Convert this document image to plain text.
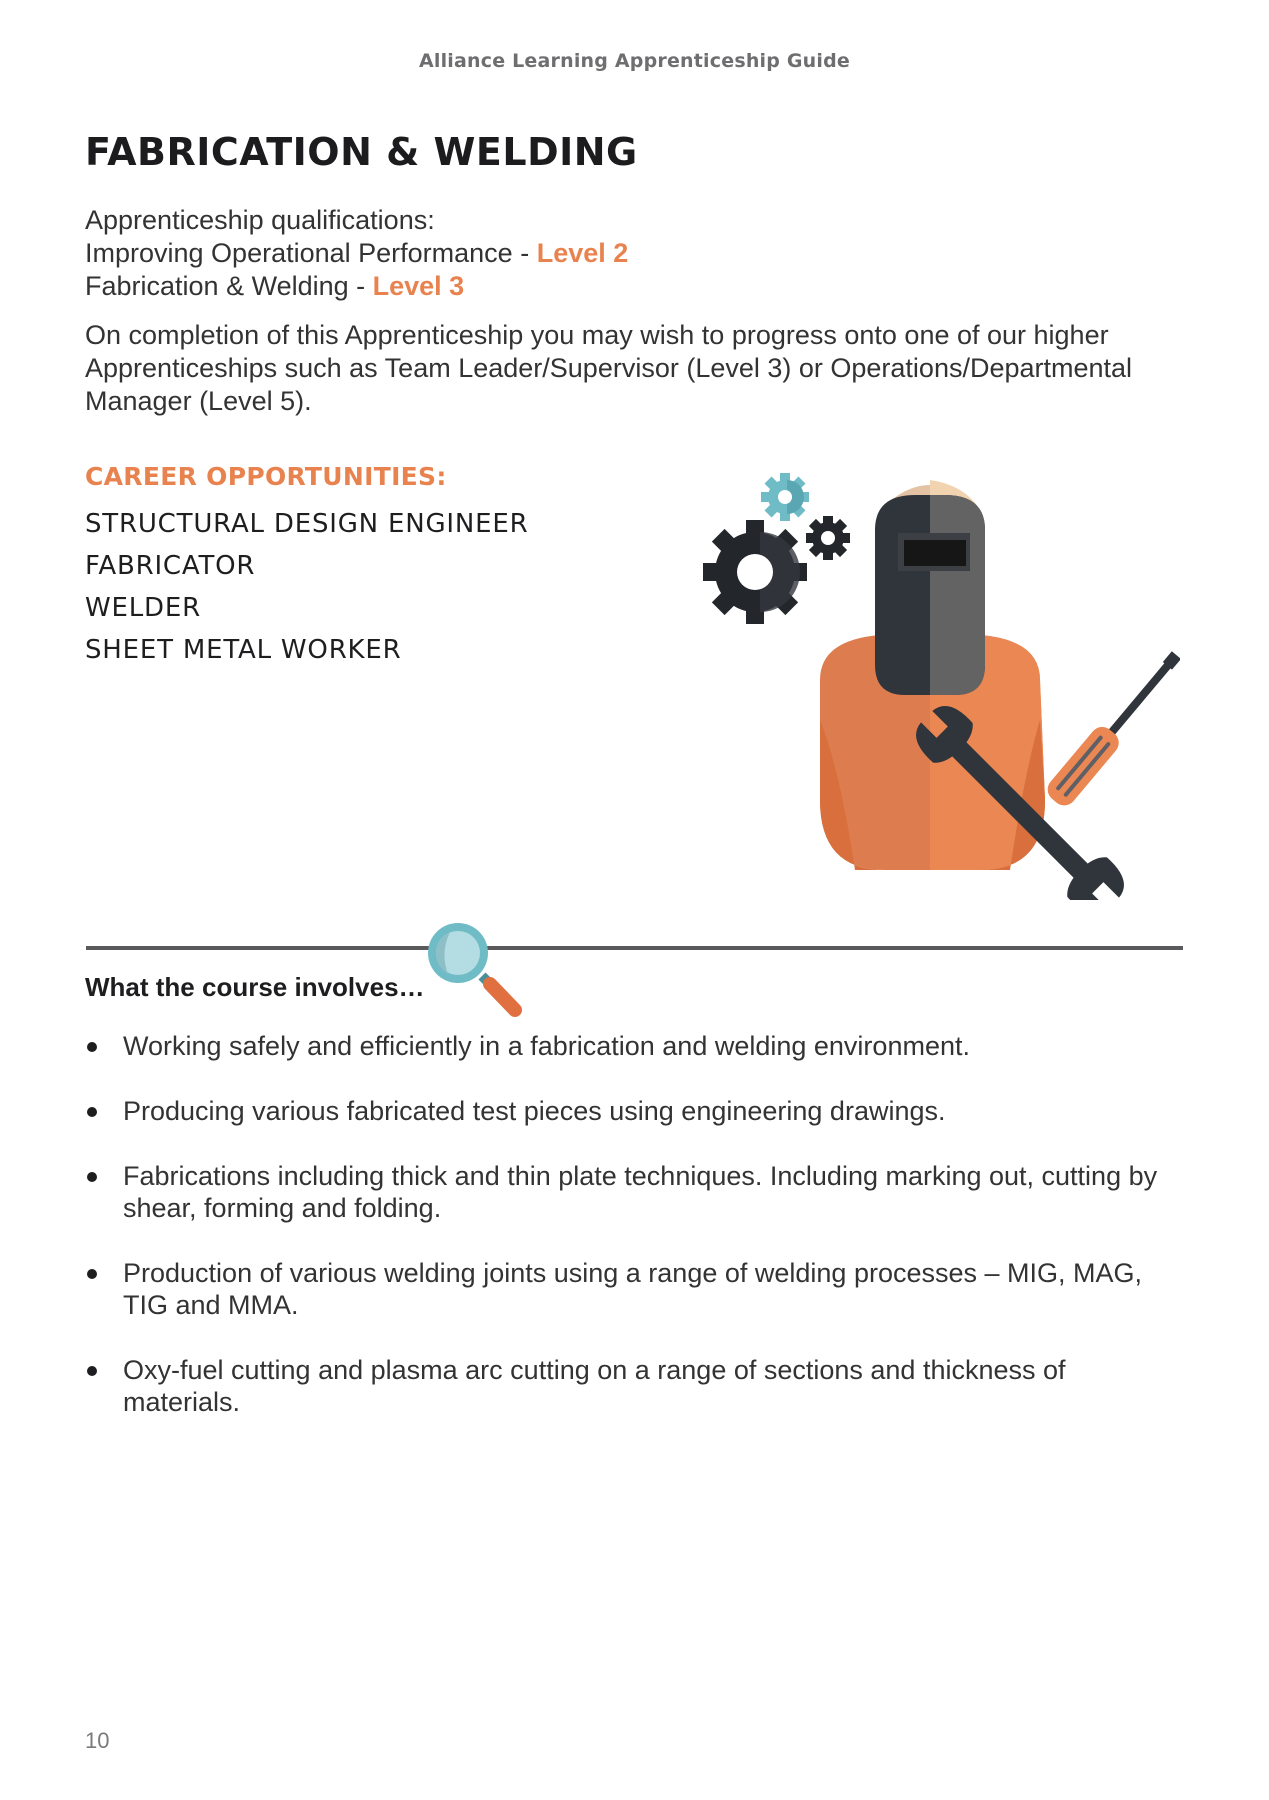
Alliance Learning Apprenticeship Guide
FABRICATION & WELDING
Apprenticeship qualifications:
Improving Operational Performance - Level 2
Fabrication & Welding - Level 3

On completion of this Apprenticeship you may wish to progress onto one of our higher Apprenticeships such as Team Leader/Supervisor (Level 3) or Operations/Departmental Manager (Level 5).

CAREER OPPORTUNITIES:
STRUCTURAL DESIGN ENGINEER
FABRICATOR
WELDER
SHEET METAL WORKER
What the course involves…
Working safely and efficiently in a fabrication and welding environment.
Producing various fabricated test pieces using engineering drawings.
Fabrications including thick and thin plate techniques. Including marking out, cutting by shear, forming and folding.
Production of various welding joints using a range of welding processes – MIG, MAG, TIG and MMA.
Oxy-fuel cutting and plasma arc cutting on a range of sections and thickness of materials.
10
